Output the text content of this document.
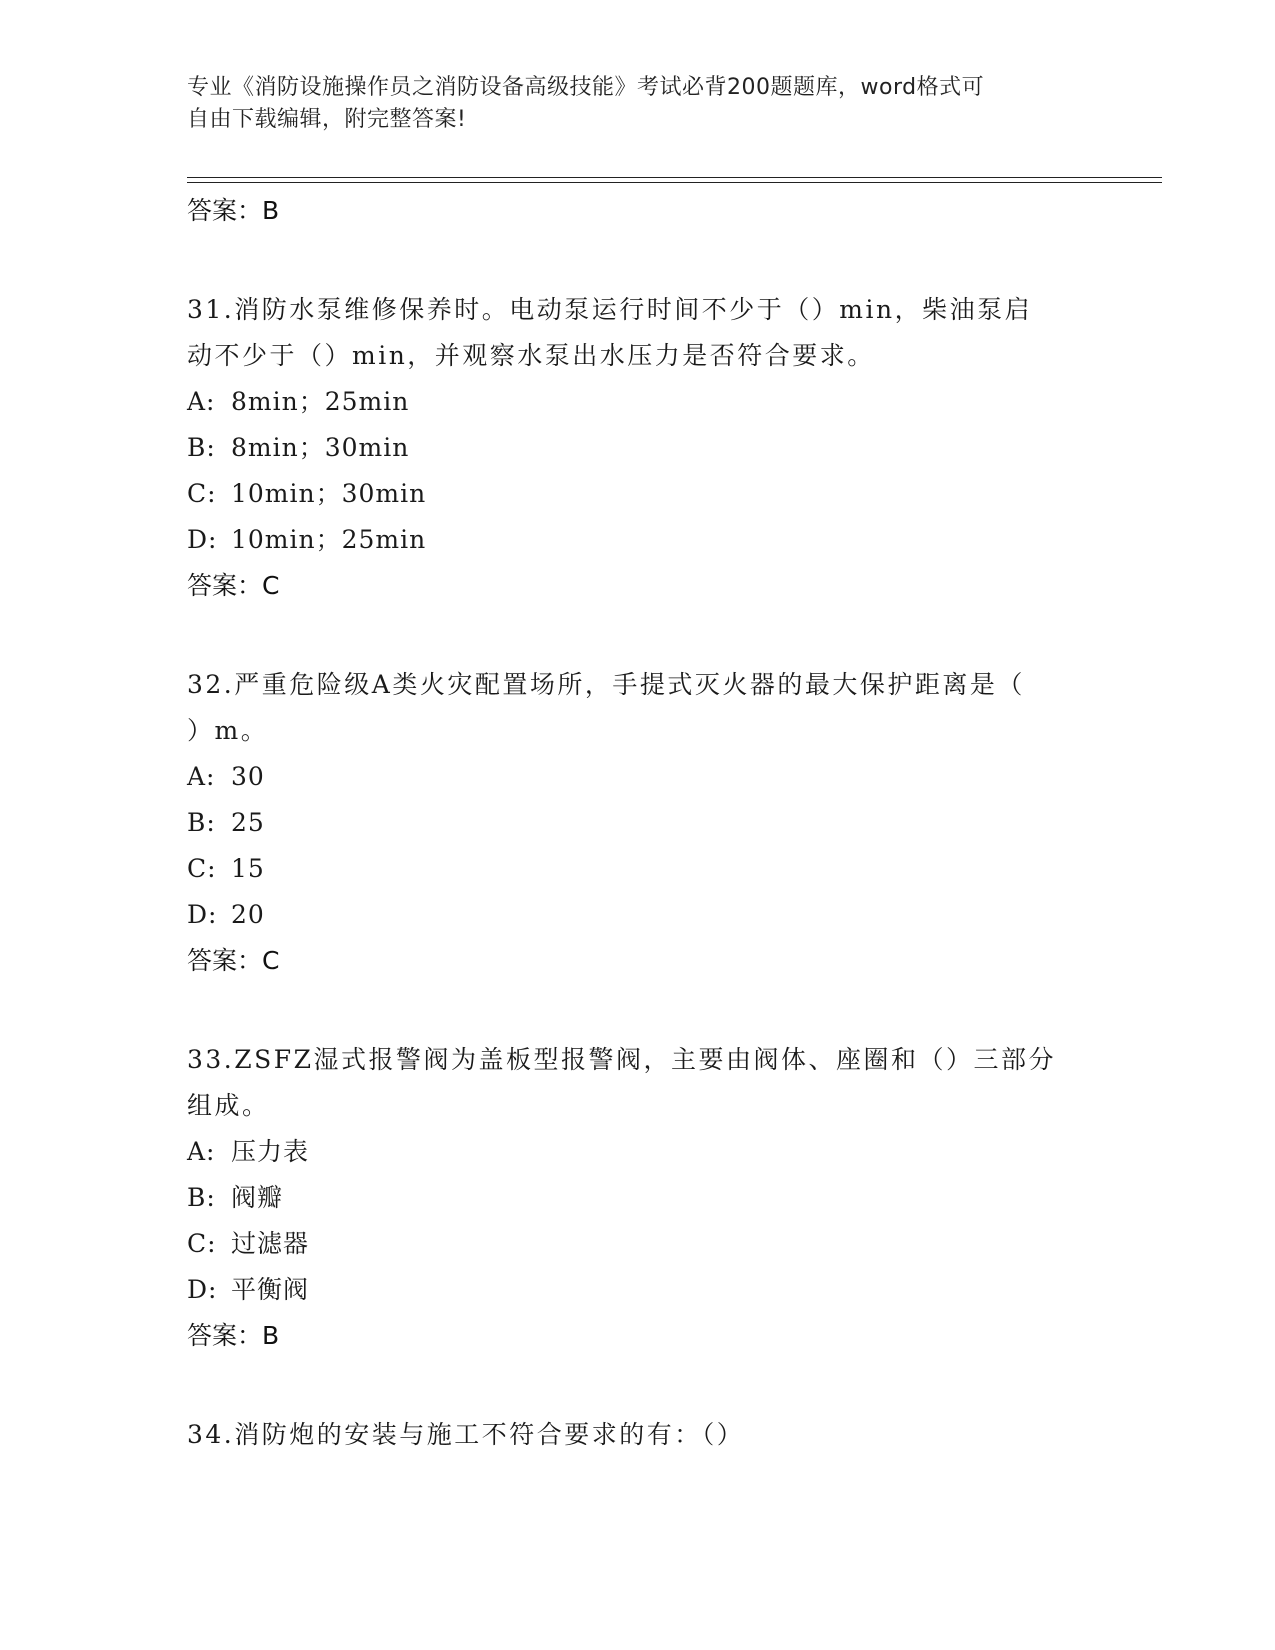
专业《消防设施操作员之消防设备高级技能》考试必背200题题库，word格式可
自由下载编辑，附完整答案!

答案：B

31.消防水泵维修保养时。电动泵运行时间不少于（）min，柴油泵启

动不少于（）min，并观察水泵出水压力是否符合要求。

A: 8min；25min

B: 8min；30min

C: 10min；30min

D: 10min；25min

答案：C

32.严重危险级A类火灾配置场所，手提式灭火器的最大保护距离是（

）m。

A: 30

B: 25

C: 15

D: 20

答案：C

33.ZSFZ湿式报警阀为盖板型报警阀，主要由阀体、座圈和（）三部分

组成。

A: 压力表

B: 阀瓣

C: 过滤器

D: 平衡阀

答案：B

34.消防炮的安装与施工不符合要求的有：（）
